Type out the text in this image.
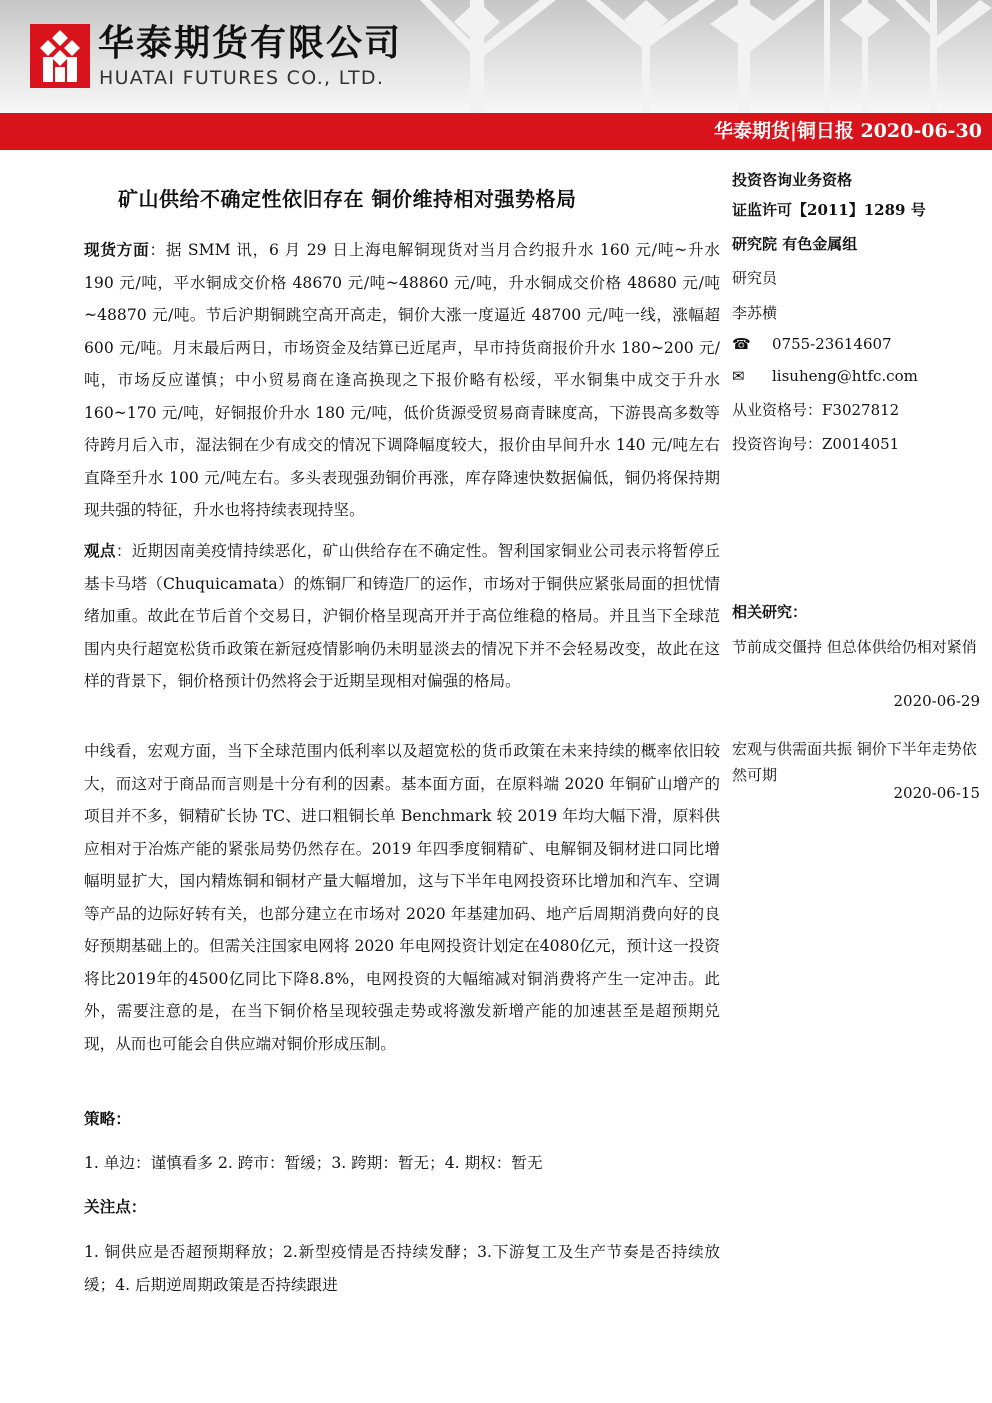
华泰期货有限公司
HUATAI FUTURES CO., LTD.
华泰期货|铜日报 2020-06-30
矿山供给不确定性依旧存在 铜价维持相对强势格局
现货方面：据 SMM 讯，6 月 29 日上海电解铜现货对当月合约报升水 160 元/吨~升水 190 元/吨，平水铜成交价格 48670 元/吨~48860 元/吨，升水铜成交价格 48680 元/吨~48870 元/吨。节后沪期铜跳空高开高走，铜价大涨一度逼近 48700 元/吨一线，涨幅超 600 元/吨。月末最后两日，市场资金及结算已近尾声，早市持货商报价升水 180~200 元/吨，市场反应谨慎；中小贸易商在逢高换现之下报价略有松绥，平水铜集中成交于升水 160~170 元/吨，好铜报价升水 180 元/吨，低价货源受贸易商青睐度高，下游畏高多数等待跨月后入市，湿法铜在少有成交的情况下调降幅度较大，报价由早间升水 140 元/吨左右直降至升水 100 元/吨左右。多头表现强劲铜价再涨，库存降速快数据偏低，铜仍将保持期现共强的特征，升水也将持续表现持坚。
观点：近期因南美疫情持续恶化，矿山供给存在不确定性。智利国家铜业公司表示将暂停丘基卡马塔（Chuquicamata）的炼铜厂和铸造厂的运作，市场对于铜供应紧张局面的担忧情绪加重。故此在节后首个交易日，沪铜价格呈现高开并于高位维稳的格局。并且当下全球范围内央行超宽松货币政策在新冠疫情影响仍未明显淡去的情况下并不会轻易改变，故此在这样的背景下，铜价格预计仍然将会于近期呈现相对偏强的格局。
中线看，宏观方面，当下全球范围内低利率以及超宽松的货币政策在未来持续的概率依旧较大，而这对于商品而言则是十分有利的因素。基本面方面，在原料端 2020 年铜矿山增产的项目并不多，铜精矿长协 TC、进口粗铜长单 Benchmark 较 2019 年均大幅下滑，原料供应相对于冶炼产能的紧张局势仍然存在。2019 年四季度铜精矿、电解铜及铜材进口同比增幅明显扩大，国内精炼铜和铜材产量大幅增加，这与下半年电网投资环比增加和汽车、空调等产品的边际好转有关，也部分建立在市场对 2020 年基建加码、地产后周期消费向好的良好预期基础上的。但需关注国家电网将 2020 年电网投资计划定在4080亿元，预计这一投资将比2019年的4500亿同比下降8.8%，电网投资的大幅缩减对铜消费将产生一定冲击。此外，需要注意的是，在当下铜价格呈现较强走势或将激发新增产能的加速甚至是超预期兑现，从而也可能会自供应端对铜价形成压制。
策略：
1. 单边：谨慎看多 2. 跨市：暂缓；3. 跨期：暂无；4. 期权：暂无
关注点：
1. 铜供应是否超预期释放；2.新型疫情是否持续发酵；3.下游复工及生产节奏是否持续放缓；4. 后期逆周期政策是否持续跟进
投资咨询业务资格
证监许可【2011】1289 号
研究院 有色金属组
研究员
李苏横
☎ 0755-23614607
✉ lisuheng@htfc.com
从业资格号：F3027812
投资咨询号：Z0014051
相关研究：
节前成交僵持 但总体供给仍相对紧俏
2020-06-29
宏观与供需面共振 铜价下半年走势依然可期
2020-06-15
